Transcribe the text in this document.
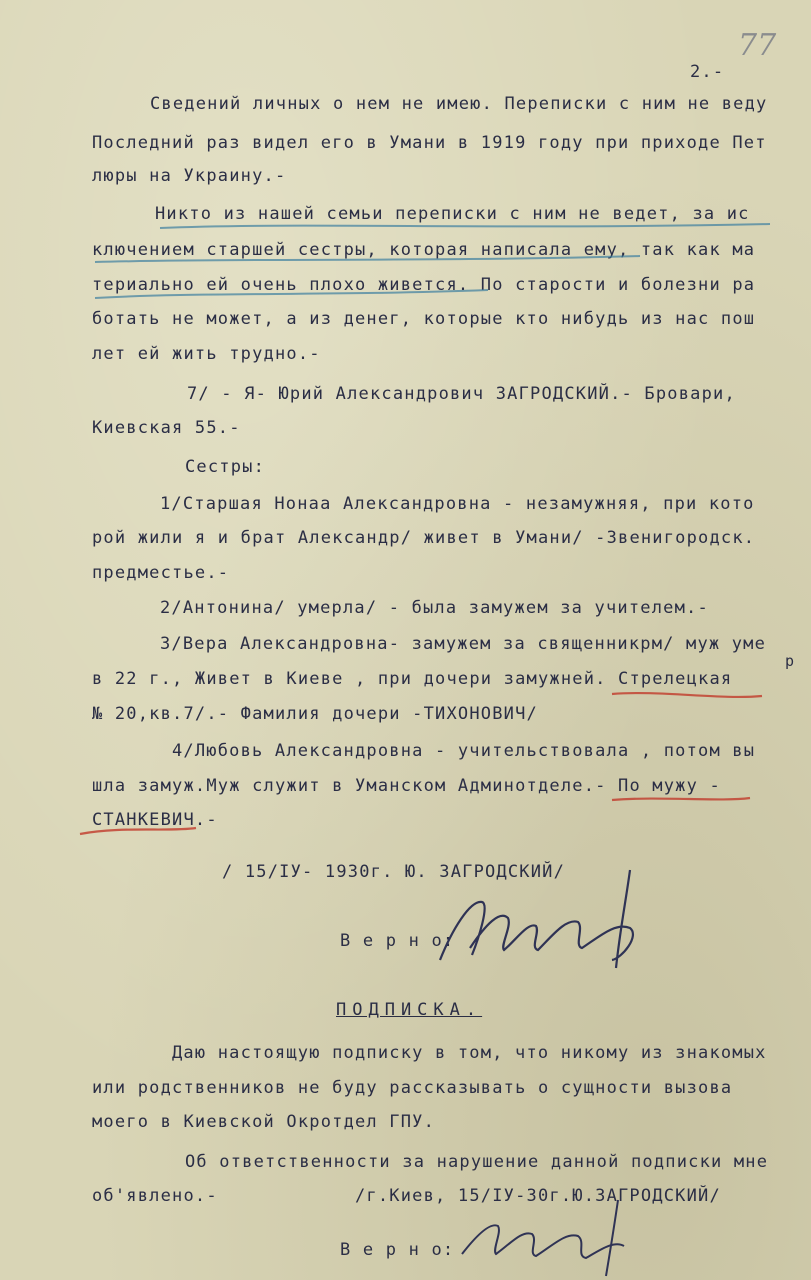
77
2.-
Сведений личных о нем не имею. Переписки с ним не веду
Последний раз видел его в Умани в 1919 году при приходе Пет
люры на Украину.-
Никто из нашей семьи переписки с ним не ведет, за ис
ключением старшей сестры, которая написала ему, так как ма
териально ей очень плохо живется. По старости и болезни ра
ботать не может, а из денег, которые кто нибудь из нас пош
лет ей жить трудно.-
7/ - Я- Юрий Александрович ЗАГРОДСКИЙ.- Бровари,
Киевская 55.-
Сестры:
1/Старшая Нонаа Александровна - незамужняя, при кото
рой жили я и брат Александр/ живет в Умани/ -Звенигородск.
предместье.-
2/Антонина/ умерла/ - была замужем за учителем.-
3/Вера Александровна- замужем за священникрм/ муж уме
р
в 22 г., Живет в Киеве , при дочери замужней. Стрелецкая
№ 20,кв.7/.- Фамилия дочери -ТИХОНОВИЧ/
4/Любовь Александровна - учительствовала , потом вы
шла замуж.Муж служит в Уманском Админотделе.- По мужу -
СТАНКЕВИЧ.-
/ 15/IУ- 1930г. Ю. ЗАГРОДСКИЙ/
В е р н о:
ПОДПИСКА.
Даю настоящую подписку в том, что никому из знакомых
или родственников не буду рассказывать о сущности вызова
моего в Киевской Окротдел ГПУ.
Об ответственности за нарушение данной подписки мне
об'явлено.-	/г.Киев, 15/IУ-30г.Ю.ЗАГРОДСКИЙ/
В е р н о:
